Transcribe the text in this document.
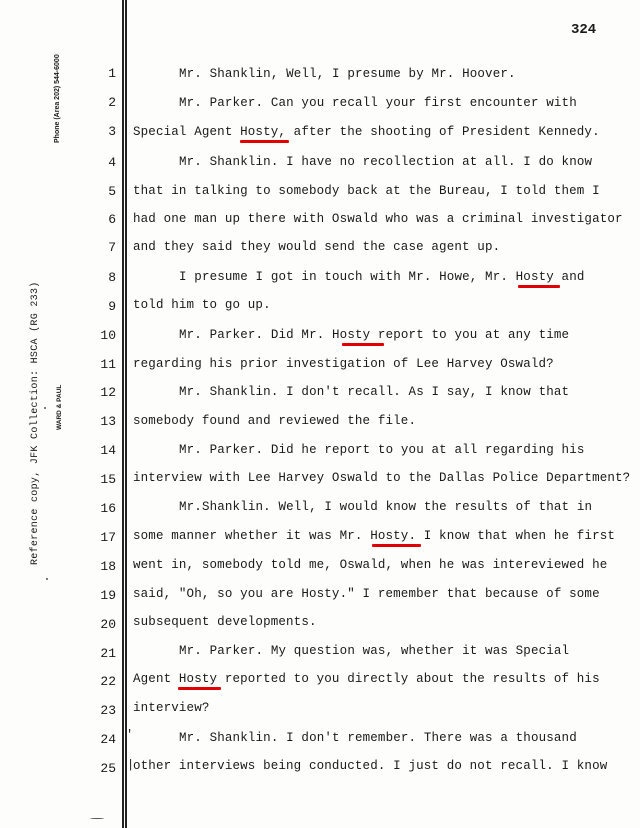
324
Phone (Area 202) 544-6000
Reference copy, JFK Collection: HSCA (RG 233) WARD & PAUL
'
|
1	Mr. Shanklin, Well, I presume by Mr. Hoover.
2	Mr. Parker. Can you recall your first encounter with
3 Special Agent Hosty, after the shooting of President Kennedy.
4	Mr. Shanklin. I have no recollection at all. I do know
5 that in talking to somebody back at the Bureau, I told them I
6 had one man up there with Oswald who was a criminal investigator
7 and they said they would send the case agent up.
8	I presume I got in touch with Mr. Howe, Mr. Hosty and
9 told him to go up.
10	Mr. Parker. Did Mr. Hosty report to you at any time
11 regarding his prior investigation of Lee Harvey Oswald?
12	Mr. Shanklin. I don't recall. As I say, I know that
13 somebody found and reviewed the file.
14	Mr. Parker. Did he report to you at all regarding his
15 interview with Lee Harvey Oswald to the Dallas Police Department?
16	Mr.Shanklin. Well, I would know the results of that in
17 some manner whether it was Mr. Hosty. I know that when he first
18 went in, somebody told me, Oswald, when he was intereviewed he
19 said, "Oh, so you are Hosty." I remember that because of some
20 subsequent developments.
21	Mr. Parker. My question was, whether it was Special
22 Agent Hosty reported to you directly about the results of his
23 interview?
24	Mr. Shanklin. I don't remember. There was a thousand
25 other interviews being conducted. I just do not recall. I know
